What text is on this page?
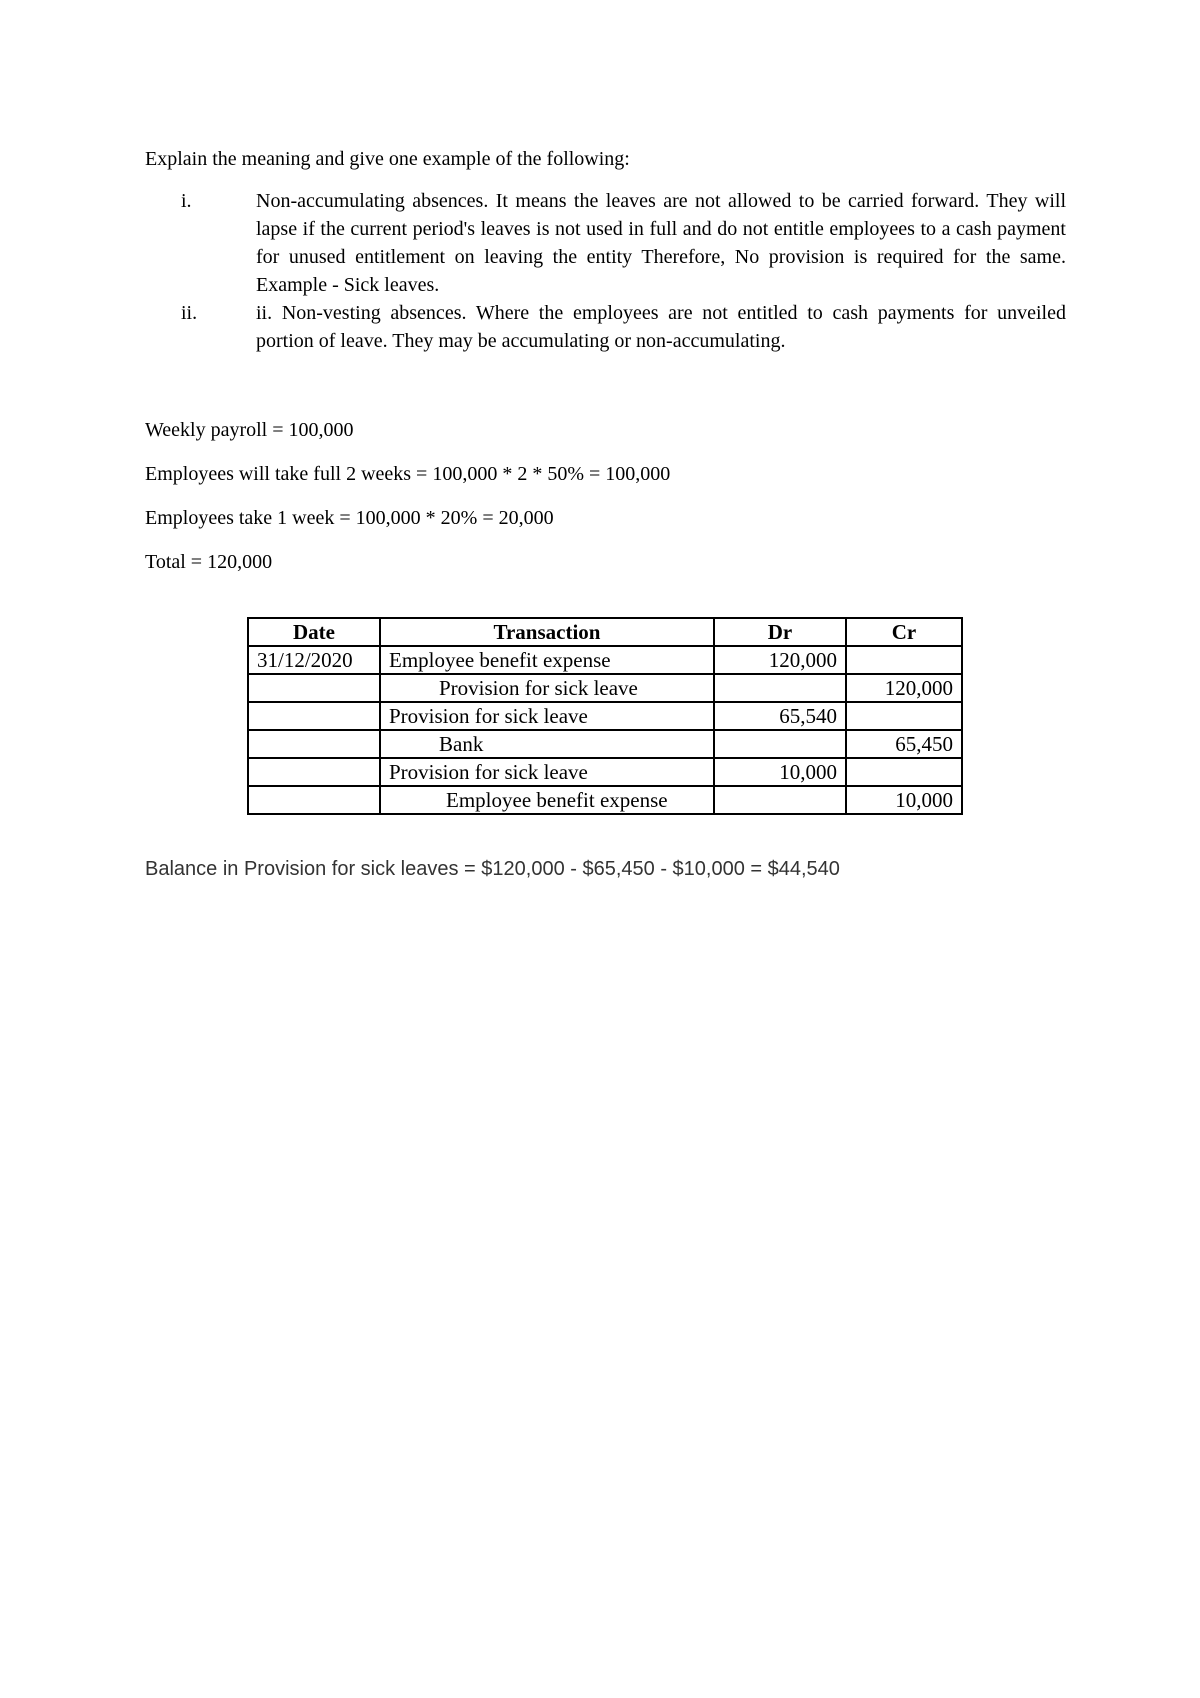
Explain the meaning and give one example of the following:
i.	Non-accumulating absences. It means the leaves are not allowed to be carried forward. They will lapse if the current period's leaves is not used in full and do not entitle employees to a cash payment for unused entitlement on leaving the entity Therefore, No provision is required for the same. Example - Sick leaves.
ii.	ii. Non-vesting absences. Where the employees are not entitled to cash payments for unveiled portion of leave. They may be accumulating or non-accumulating.
Weekly payroll = 100,000
Employees will take full 2 weeks = 100,000 * 2 * 50% = 100,000
Employees take 1 week = 100,000 * 20% = 20,000
Total = 120,000
Date	Transaction	Dr	Cr
31/12/2020	Employee benefit expense	120,000	
	Provision for sick leave		120,000
	Provision for sick leave	65,540	
	Bank		65,450
	Provision for sick leave	10,000	
	Employee benefit expense		10,000
Balance in Provision for sick leaves = $120,000 - $65,450 - $10,000 = $44,540
